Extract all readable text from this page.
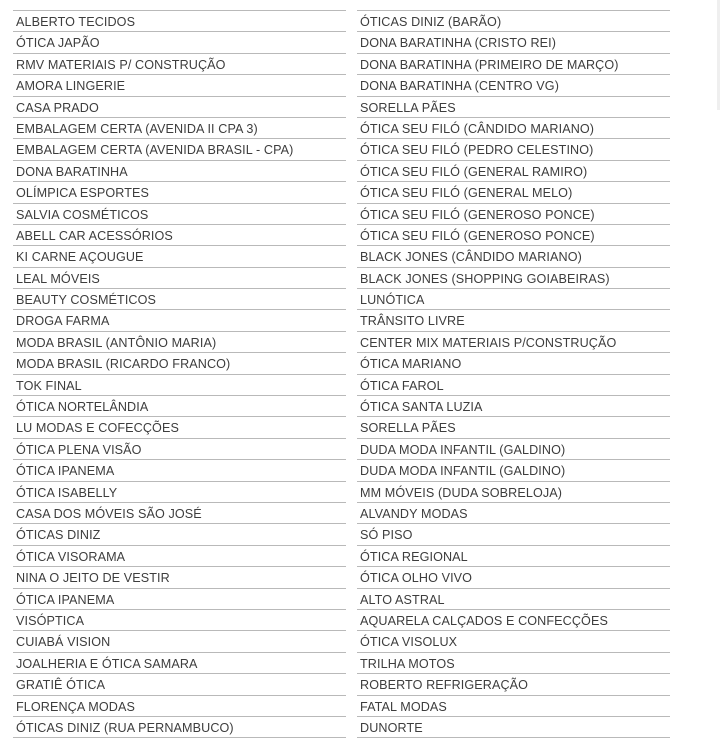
ALBERTO TECIDOS
ÓTICA JAPÃO
RMV MATERIAIS P/ CONSTRUÇÃO
AMORA LINGERIE
CASA PRADO
EMBALAGEM CERTA (AVENIDA II CPA 3)
EMBALAGEM CERTA (AVENIDA BRASIL - CPA)
DONA BARATINHA
OLÍMPICA ESPORTES
SALVIA COSMÉTICOS
ABELL CAR ACESSÓRIOS
KI CARNE AÇOUGUE
LEAL MÓVEIS
BEAUTY COSMÉTICOS
DROGA FARMA
MODA BRASIL (ANTÔNIO MARIA)
MODA BRASIL (RICARDO FRANCO)
TOK FINAL
ÓTICA NORTELÂNDIA
LU MODAS E COFECÇÕES
ÓTICA PLENA VISÃO
ÓTICA IPANEMA
ÓTICA ISABELLY
CASA DOS MÓVEIS SÃO JOSÉ
ÓTICAS DINIZ
ÓTICA VISORAMA
NINA O JEITO DE VESTIR
ÓTICA IPANEMA
VISÓPTICA
CUIABÁ VISION
JOALHERIA E ÓTICA SAMARA
GRATIÊ ÓTICA
FLORENÇA MODAS
ÓTICAS DINIZ (RUA PERNAMBUCO)
ÓTICAS DINIZ (BARÃO)
DONA BARATINHA (CRISTO REI)
DONA BARATINHA (PRIMEIRO DE MARÇO)
DONA BARATINHA (CENTRO VG)
SORELLA PÃES
ÓTICA SEU FILÓ (CÂNDIDO MARIANO)
ÓTICA SEU FILÓ (PEDRO CELESTINO)
ÓTICA SEU FILÓ (GENERAL RAMIRO)
ÓTICA SEU FILÓ (GENERAL MELO)
ÓTICA SEU FILÓ (GENEROSO PONCE)
ÓTICA SEU FILÓ (GENEROSO PONCE)
BLACK JONES (CÂNDIDO MARIANO)
BLACK JONES (SHOPPING GOIABEIRAS)
LUNÓTICA
TRÂNSITO LIVRE
CENTER MIX MATERIAIS P/CONSTRUÇÃO
ÓTICA MARIANO
ÓTICA FAROL
ÓTICA SANTA LUZIA
SORELLA PÃES
DUDA MODA INFANTIL (GALDINO)
DUDA MODA INFANTIL (GALDINO)
MM MÓVEIS (DUDA SOBRELOJA)
ALVANDY MODAS
SÓ PISO
ÓTICA REGIONAL
ÓTICA OLHO VIVO
ALTO ASTRAL
AQUARELA CALÇADOS E CONFECÇÕES
ÓTICA VISOLUX
TRILHA MOTOS
ROBERTO REFRIGERAÇÃO
FATAL MODAS
DUNORTE
